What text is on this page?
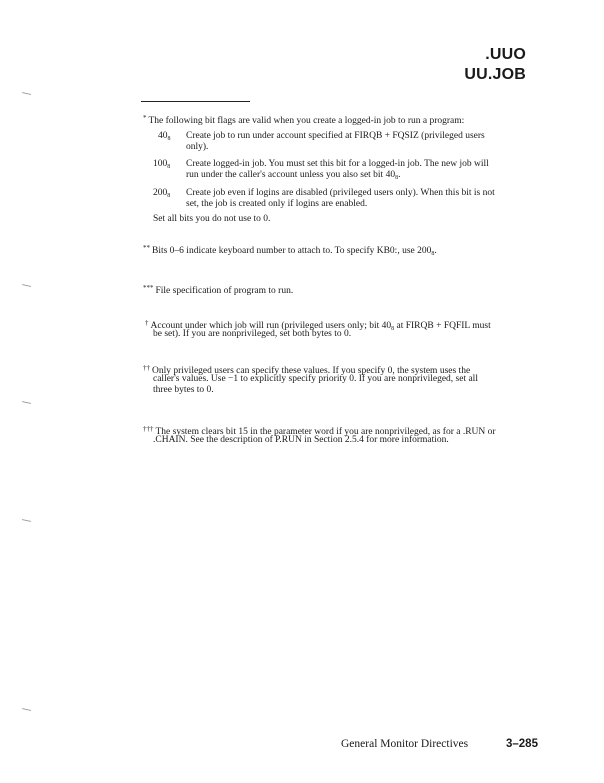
.UUO
UU.JOB
* The following bit flags are valid when you create a logged-in job to run a program:
$40_8$ Create job to run under account specified at FIRQB + FQSIZ (privileged users
only).
$100_8$ Create logged-in job. You must set this bit for a logged-in job. The new job will
run under the caller's account unless you also set bit $40_8$.
$200_8$ Create job even if logins are disabled (privileged users only). When this bit is not
set, the job is created only if logins are enabled.
Set all bits you do not use to 0.
** Bits 0–6 indicate keyboard number to attach to. To specify KB0:, use $200_8$.
*** File specification of program to run.
† Account under which job will run (privileged users only; bit $40_8$ at FIRQB + FQFIL must
be set). If you are nonprivileged, set both bytes to 0.
†† Only privileged users can specify these values. If you specify 0, the system uses the
caller's values. Use −1 to explicitly specify priority 0. If you are nonprivileged, set all
three bytes to 0.
††† The system clears bit 15 in the parameter word if you are nonprivileged, as for a .RUN or
.CHAIN. See the description of P.RUN in Section 2.5.4 for more information.
General Monitor Directives	3–285
